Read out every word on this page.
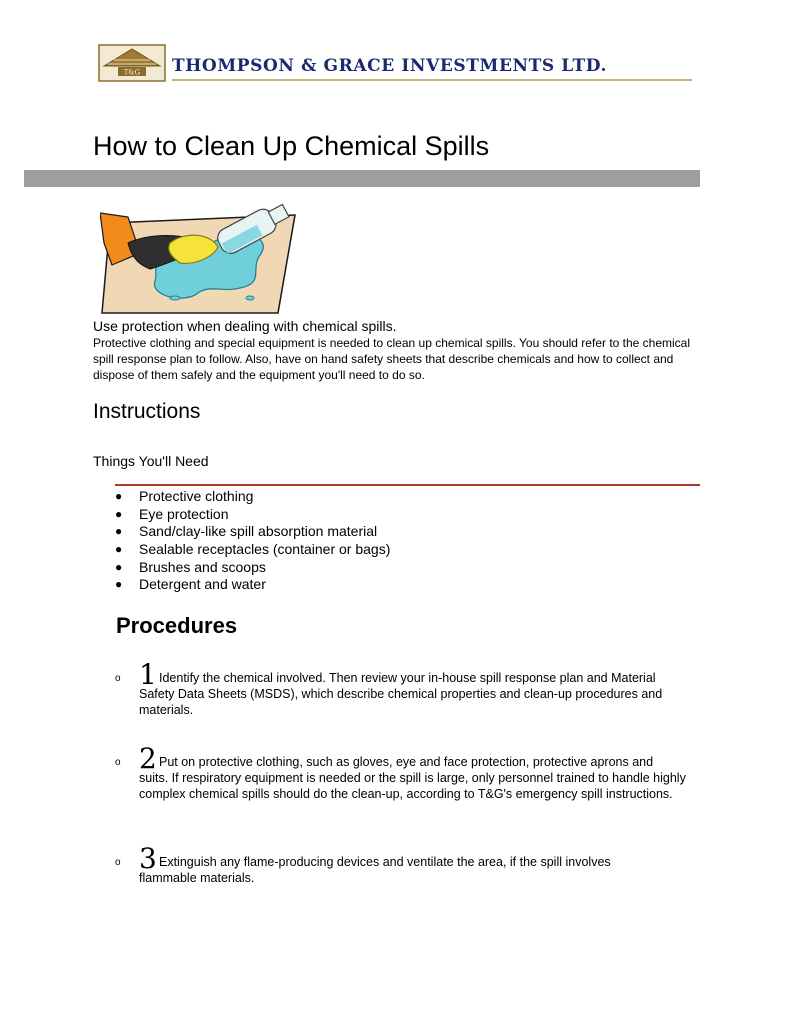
T&G THOMPSON & GRACE INVESTMENTS LTD.
How to Clean Up Chemical Spills
Use protection when dealing with chemical spills.
Protective clothing and special equipment is needed to clean up chemical spills. You should refer to the chemical spill response plan to follow. Also, have on hand safety sheets that describe chemicals and how to collect and dispose of them safely and the equipment you'll need to do so.
Instructions
Things You'll Need
● Protective clothing
● Eye protection
● Sand/clay-like spill absorption material
● Sealable receptacles (container or bags)
● Brushes and scoops
● Detergent and water
Procedures
o 1 Identify the chemical involved. Then review your in-house spill response plan and Material
Safety Data Sheets (MSDS), which describe chemical properties and clean-up procedures and materials.
o 2 Put on protective clothing, such as gloves, eye and face protection, protective aprons and
suits. If respiratory equipment is needed or the spill is large, only personnel trained to handle highly complex chemical spills should do the clean-up, according to T&G's emergency spill instructions.
o 3 Extinguish any flame-producing devices and ventilate the area, if the spill involves
flammable materials.
